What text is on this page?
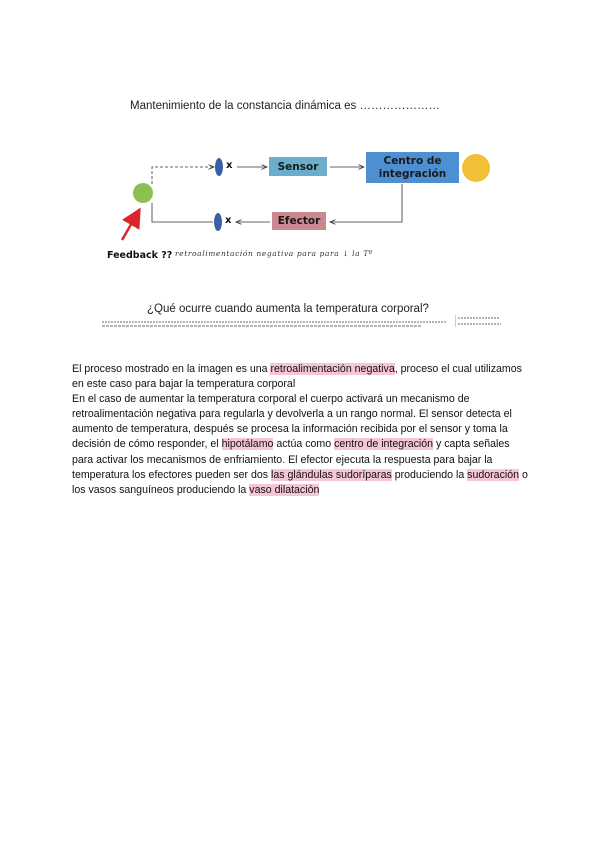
Mantenimiento de la constancia dinámica es …………………
x
x
Sensor	Centro de
integración
Efector
Feedback ?? retroalimentación negativa para para ↓ la Tº
¿Qué ocurre cuando aumenta la temperatura corporal?

El proceso mostrado en la imagen es una retroalimentación negativa, proceso el cual utilizamos en este caso para bajar la temperatura corporal

En el caso de aumentar la temperatura corporal el cuerpo activará un mecanismo de retroalimentación negativa para regularla y devolverla a un rango normal. El sensor detecta el aumento de temperatura, después se procesa la información recibida por el sensor y toma la decisión de cómo responder, el hipotálamo actúa como centro de integración y capta señales para activar los mecanismos de enfriamiento. El efector ejecuta la respuesta para bajar la temperatura los efectores pueden ser dos las glándulas sudoríparas produciendo la sudoración o los vasos sanguíneos produciendo la vaso dilatación
